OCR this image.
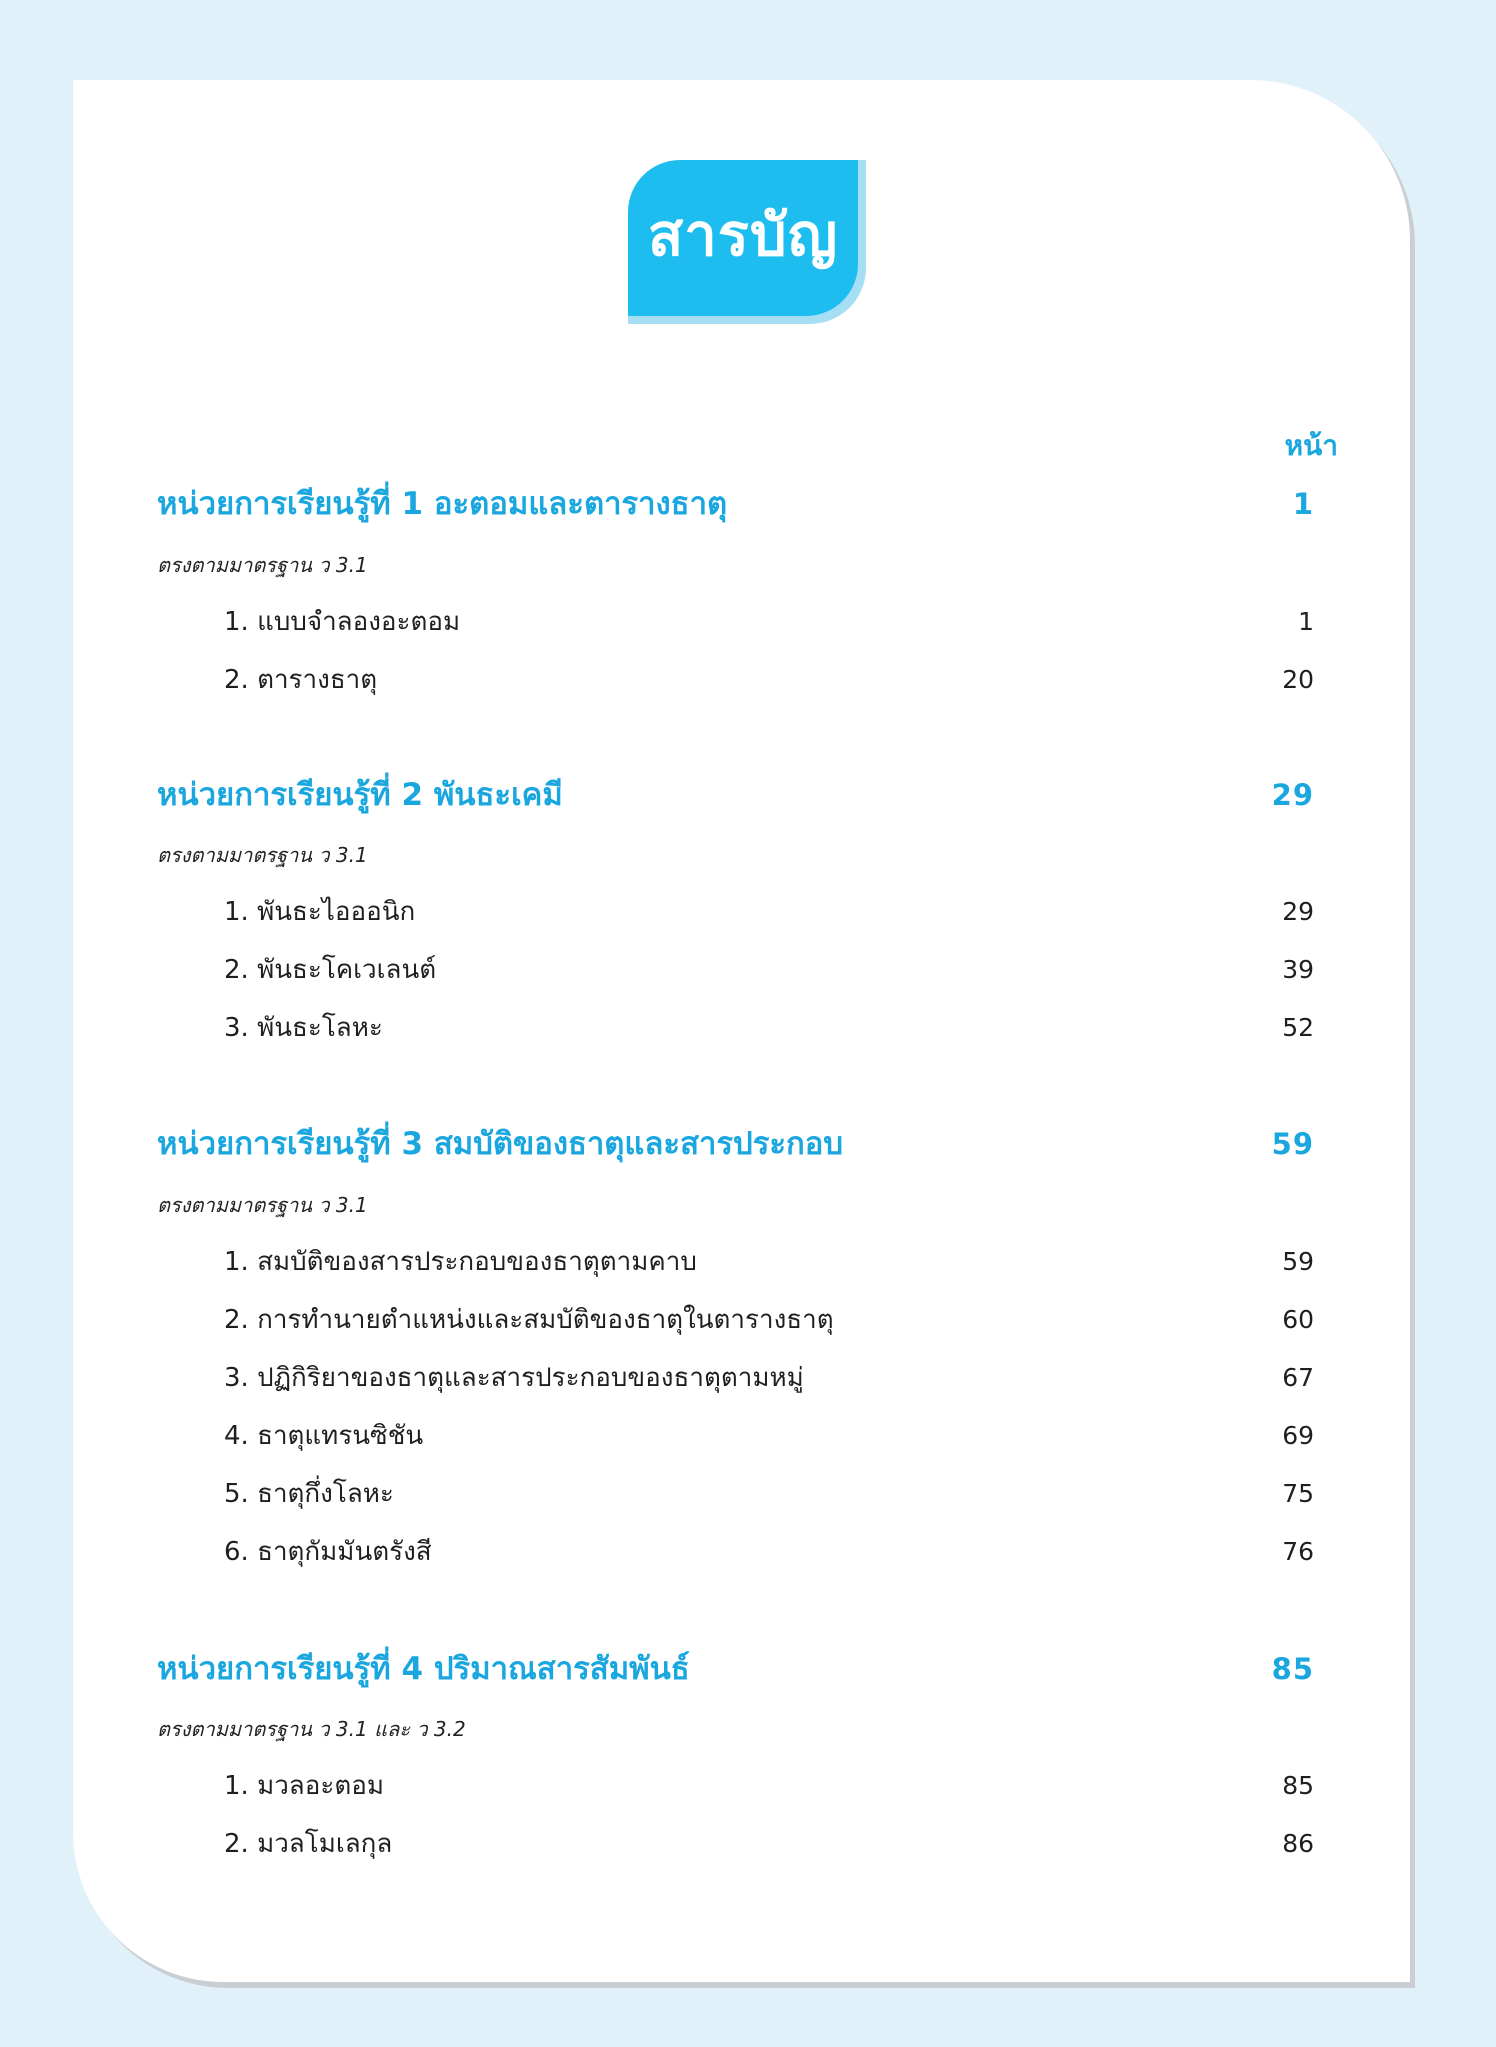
สารบัญ
หน้า
หน่วยการเรียนรู้ที่ 1 อะตอมและตารางธาตุ	1
ตรงตามมาตรฐาน ว 3.1
1. แบบจำลองอะตอม	1
2. ตารางธาตุ	20
หน่วยการเรียนรู้ที่ 2 พันธะเคมี	29
ตรงตามมาตรฐาน ว 3.1
1. พันธะไอออนิก	29
2. พันธะโคเวเลนต์	39
3. พันธะโลหะ	52
หน่วยการเรียนรู้ที่ 3 สมบัติของธาตุและสารประกอบ	59
ตรงตามมาตรฐาน ว 3.1
1. สมบัติของสารประกอบของธาตุตามคาบ	59
2. การทำนายตำแหน่งและสมบัติของธาตุในตารางธาตุ	60
3. ปฏิกิริยาของธาตุและสารประกอบของธาตุตามหมู่	67
4. ธาตุแทรนซิชัน	69
5. ธาตุกึ่งโลหะ	75
6. ธาตุกัมมันตรังสี	76
หน่วยการเรียนรู้ที่ 4 ปริมาณสารสัมพันธ์	85
ตรงตามมาตรฐาน ว 3.1 และ ว 3.2
1. มวลอะตอม	85
2. มวลโมเลกุล	86
